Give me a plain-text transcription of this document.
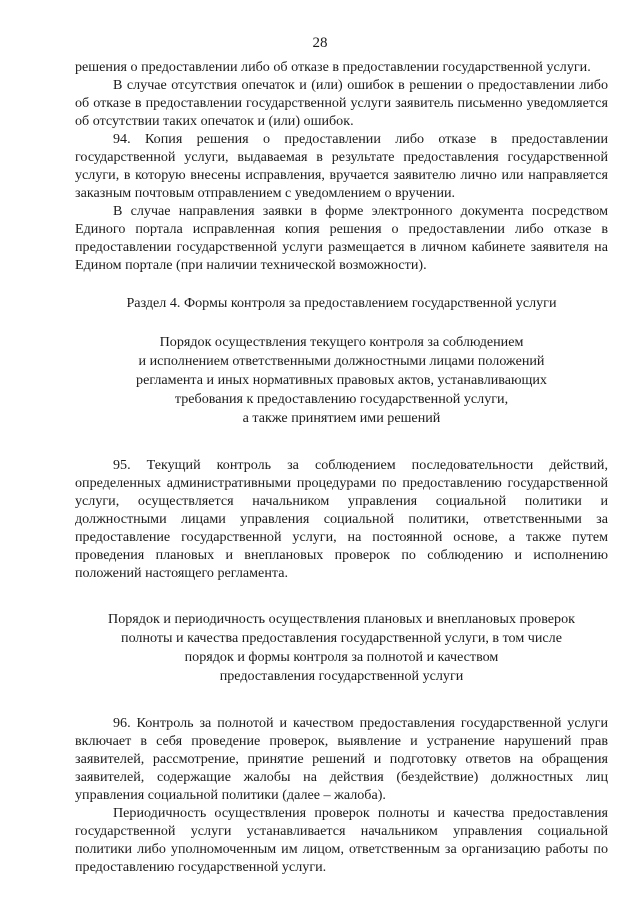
28

решения о предоставлении либо об отказе в предоставлении государственной услуги.

В случае отсутствия опечаток и (или) ошибок в решении о предоставлении либо об отказе в предоставлении государственной услуги заявитель письменно уведомляется об отсутствии таких опечаток и (или) ошибок.

94. Копия решения о предоставлении либо отказе в предоставлении государственной услуги, выдаваемая в результате предоставления государственной услуги, в которую внесены исправления, вручается заявителю лично или направляется заказным почтовым отправлением с уведомлением о вручении.

В случае направления заявки в форме электронного документа посредством Единого портала исправленная копия решения о предоставлении либо отказе в предоставлении государственной услуги размещается в личном кабинете заявителя на Едином портале (при наличии технической возможности).

Раздел 4. Формы контроля за предоставлением государственной услуги
Порядок осуществления текущего контроля за соблюдением
и исполнением ответственными должностными лицами положений
регламента и иных нормативных правовых актов, устанавливающих
требования к предоставлению государственной услуги,
а также принятием ими решений

95. Текущий контроль за соблюдением последовательности действий, определенных административными процедурами по предоставлению государственной услуги, осуществляется начальником управления социальной политики и должностными лицами управления социальной политики, ответственными за предоставление государственной услуги, на постоянной основе, а также путем проведения плановых и внеплановых проверок по соблюдению и исполнению положений настоящего регламента.

Порядок и периодичность осуществления плановых и внеплановых проверок
полноты и качества предоставления государственной услуги, в том числе
порядок и формы контроля за полнотой и качеством
предоставления государственной услуги

96. Контроль за полнотой и качеством предоставления государственной услуги включает в себя проведение проверок, выявление и устранение нарушений прав заявителей, рассмотрение, принятие решений и подготовку ответов на обращения заявителей, содержащие жалобы на действия (бездействие) должностных лиц управления социальной политики (далее – жалоба).

Периодичность осуществления проверок полноты и качества предоставления государственной услуги устанавливается начальником управления социальной политики либо уполномоченным им лицом, ответственным за организацию работы по предоставлению государственной услуги.
